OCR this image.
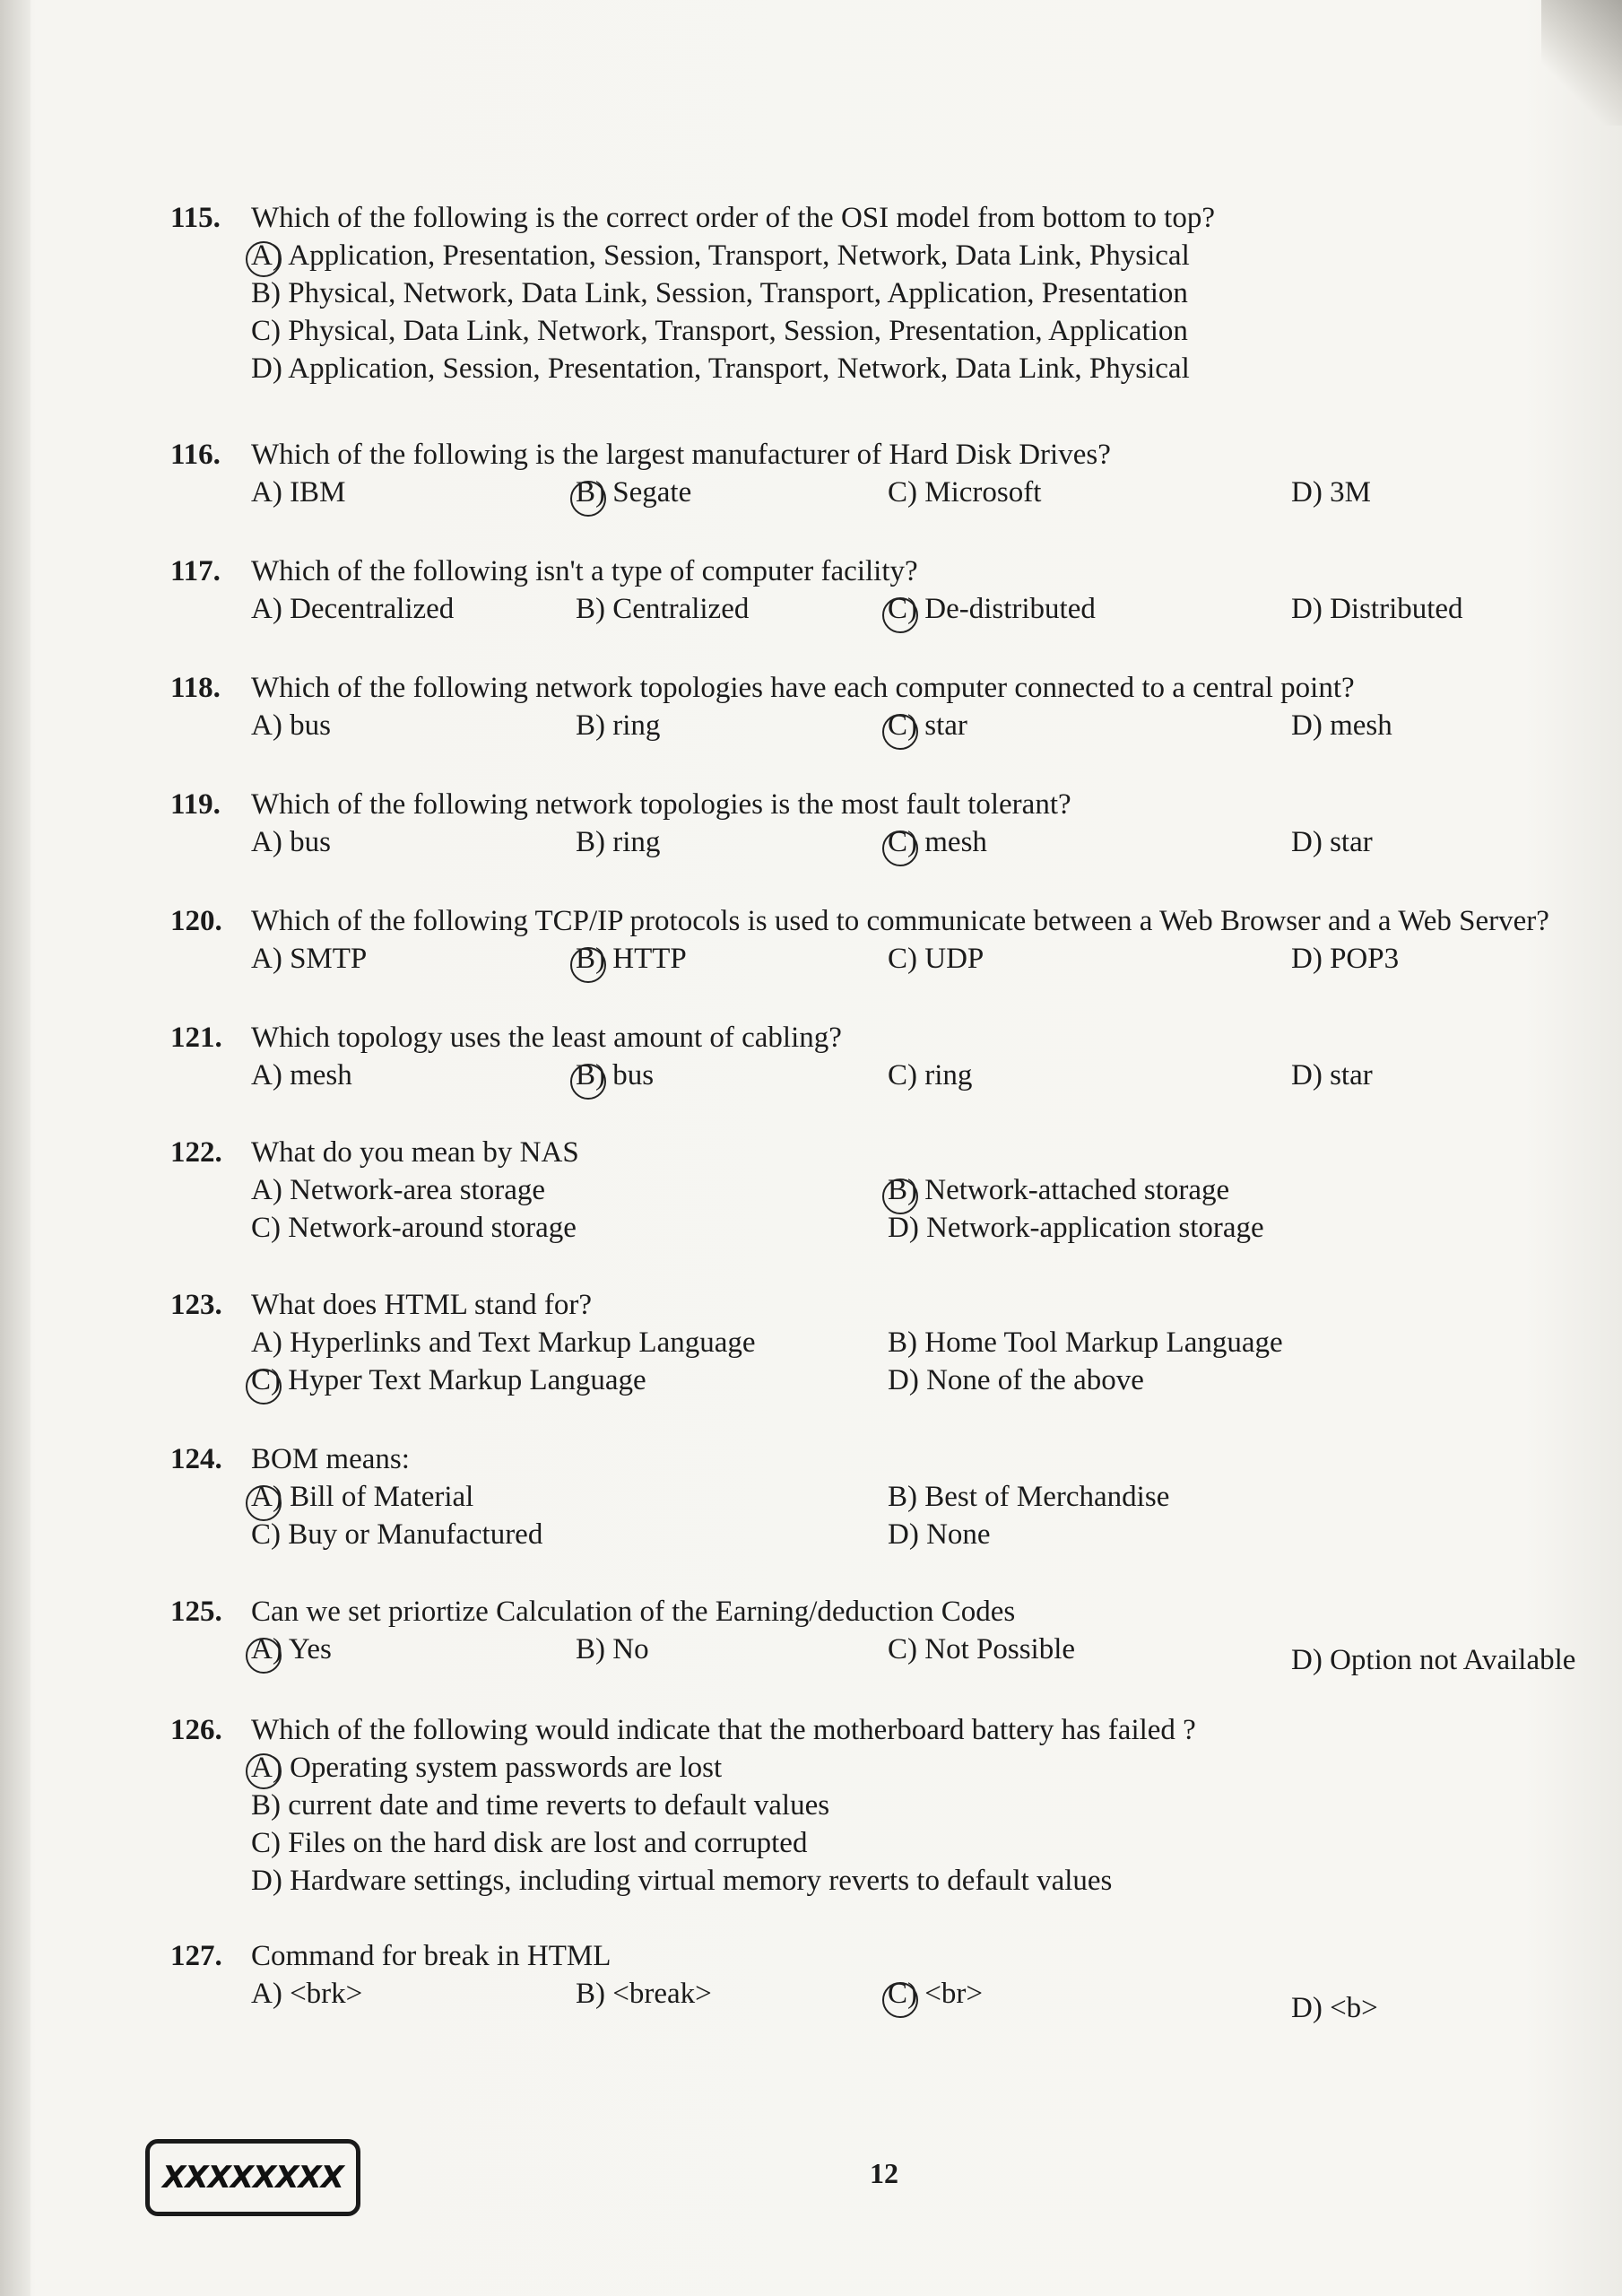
115.	Which of the following is the correct order of the OSI model from bottom to top?
A) Application, Presentation, Session, Transport, Network, Data Link, Physical
B) Physical, Network, Data Link, Session, Transport, Application, Presentation
C) Physical, Data Link, Network, Transport, Session, Presentation, Application
D) Application, Session, Presentation, Transport, Network, Data Link, Physical
116.	Which of the following is the largest manufacturer of Hard Disk Drives?
A) IBM	B) Segate	C) Microsoft	D) 3M
117.	Which of the following isn't a type of computer facility?
A) Decentralized	B) Centralized	C) De-distributed	D) Distributed
118.	Which of the following network topologies have each computer connected to a central point?
A) bus	B) ring	C) star	D) mesh
119.	Which of the following network topologies is the most fault tolerant?
A) bus	B) ring	C) mesh	D) star
120. Which of the following TCP/IP protocols is used to communicate between a Web Browser and a Web Server?
A) SMTP	B) HTTP	C) UDP	D) POP3
121. Which topology uses the least amount of cabling?
A) mesh	B) bus	C) ring	D) star
122. What do you mean by NAS
A) Network-area storage	B) Network-attached storage
C) Network-around storage	D) Network-application storage
123. What does HTML stand for?
A) Hyperlinks and Text Markup Language	B) Home Tool Markup Language
C) Hyper Text Markup Language	D) None of the above
124. BOM means:
A) Bill of Material	B) Best of Merchandise
C) Buy or Manufactured	D) None
125. Can we set priortize Calculation of the Earning/deduction Codes
A) Yes	B) No	C) Not Possible	D) Option not Available
126. Which of the following would indicate that the motherboard battery has failed ?
A) Operating system passwords are lost
B) current date and time reverts to default values
C) Files on the hard disk are lost and corrupted
D) Hardware settings, including virtual memory reverts to default values
127. Command for break in HTML
A) <brk>	B) <break>	C) <br>	D) <b>
XXXXXXXX	12
